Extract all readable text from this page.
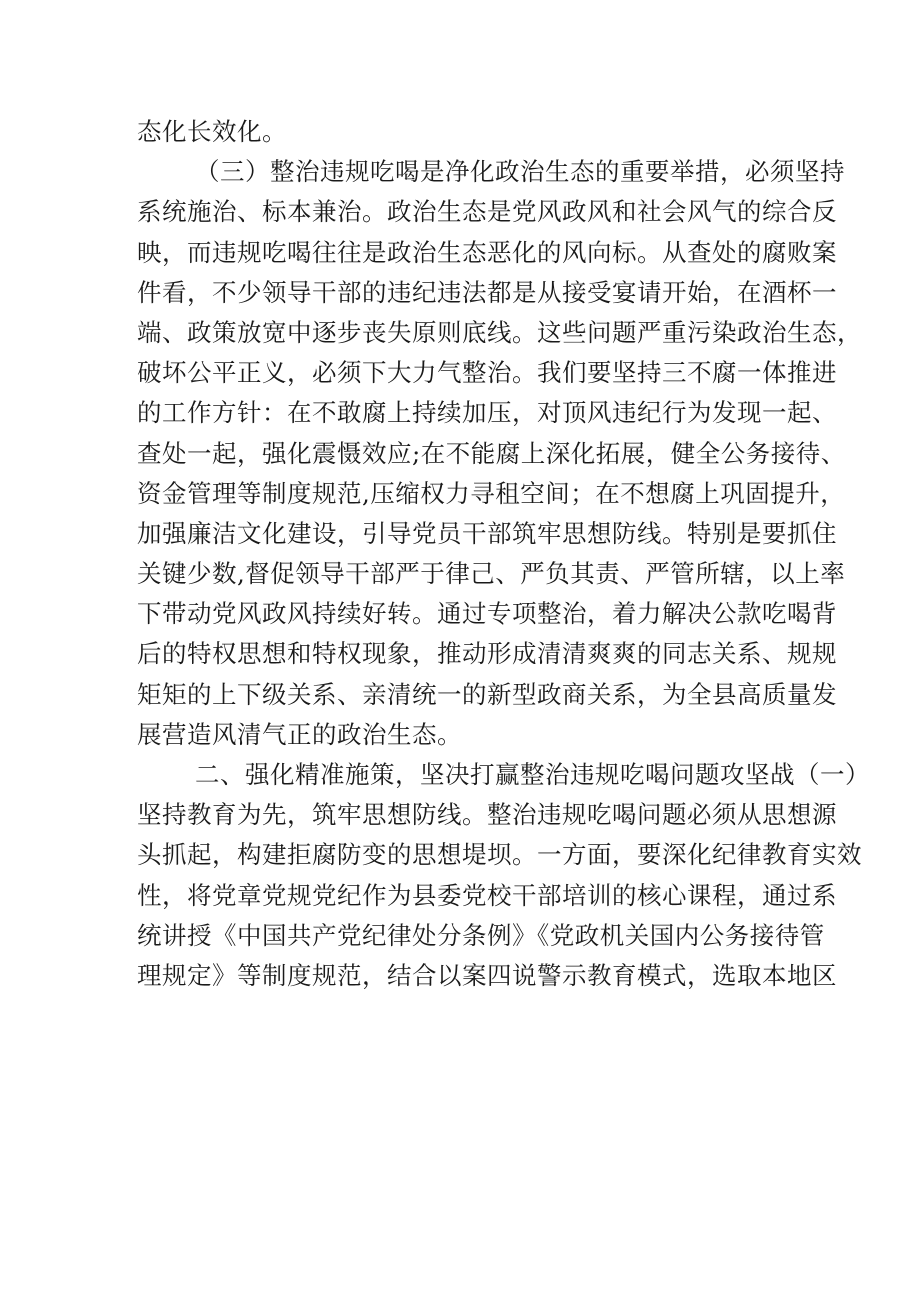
态化长效化。
（三）整治违规吃喝是净化政治生态的重要举措，必须坚持
系统施治、标本兼治。政治生态是党风政风和社会风气的综合反
映，而违规吃喝往往是政治生态恶化的风向标。从查处的腐败案
件看，不少领导干部的违纪违法都是从接受宴请开始，在酒杯一
端、政策放宽中逐步丧失原则底线。这些问题严重污染政治生态，
破坏公平正义，必须下大力气整治。我们要坚持三不腐一体推进
的工作方针：在不敢腐上持续加压，对顶风违纪行为发现一起、
查处一起，强化震慑效应;在不能腐上深化拓展，健全公务接待、
资金管理等制度规范,压缩权力寻租空间；在不想腐上巩固提升，
加强廉洁文化建设，引导党员干部筑牢思想防线。特别是要抓住
关键少数,督促领导干部严于律己、严负其责、严管所辖，以上率
下带动党风政风持续好转。通过专项整治，着力解决公款吃喝背
后的特权思想和特权现象，推动形成清清爽爽的同志关系、规规
矩矩的上下级关系、亲清统一的新型政商关系，为全县高质量发
展营造风清气正的政治生态。
二、强化精准施策，坚决打赢整治违规吃喝问题攻坚战（一）
坚持教育为先，筑牢思想防线。整治违规吃喝问题必须从思想源
头抓起，构建拒腐防变的思想堤坝。一方面，要深化纪律教育实效
性，将党章党规党纪作为县委党校干部培训的核心课程，通过系
统讲授《中国共产党纪律处分条例》《党政机关国内公务接待管
理规定》等制度规范，结合以案四说警示教育模式，选取本地区
